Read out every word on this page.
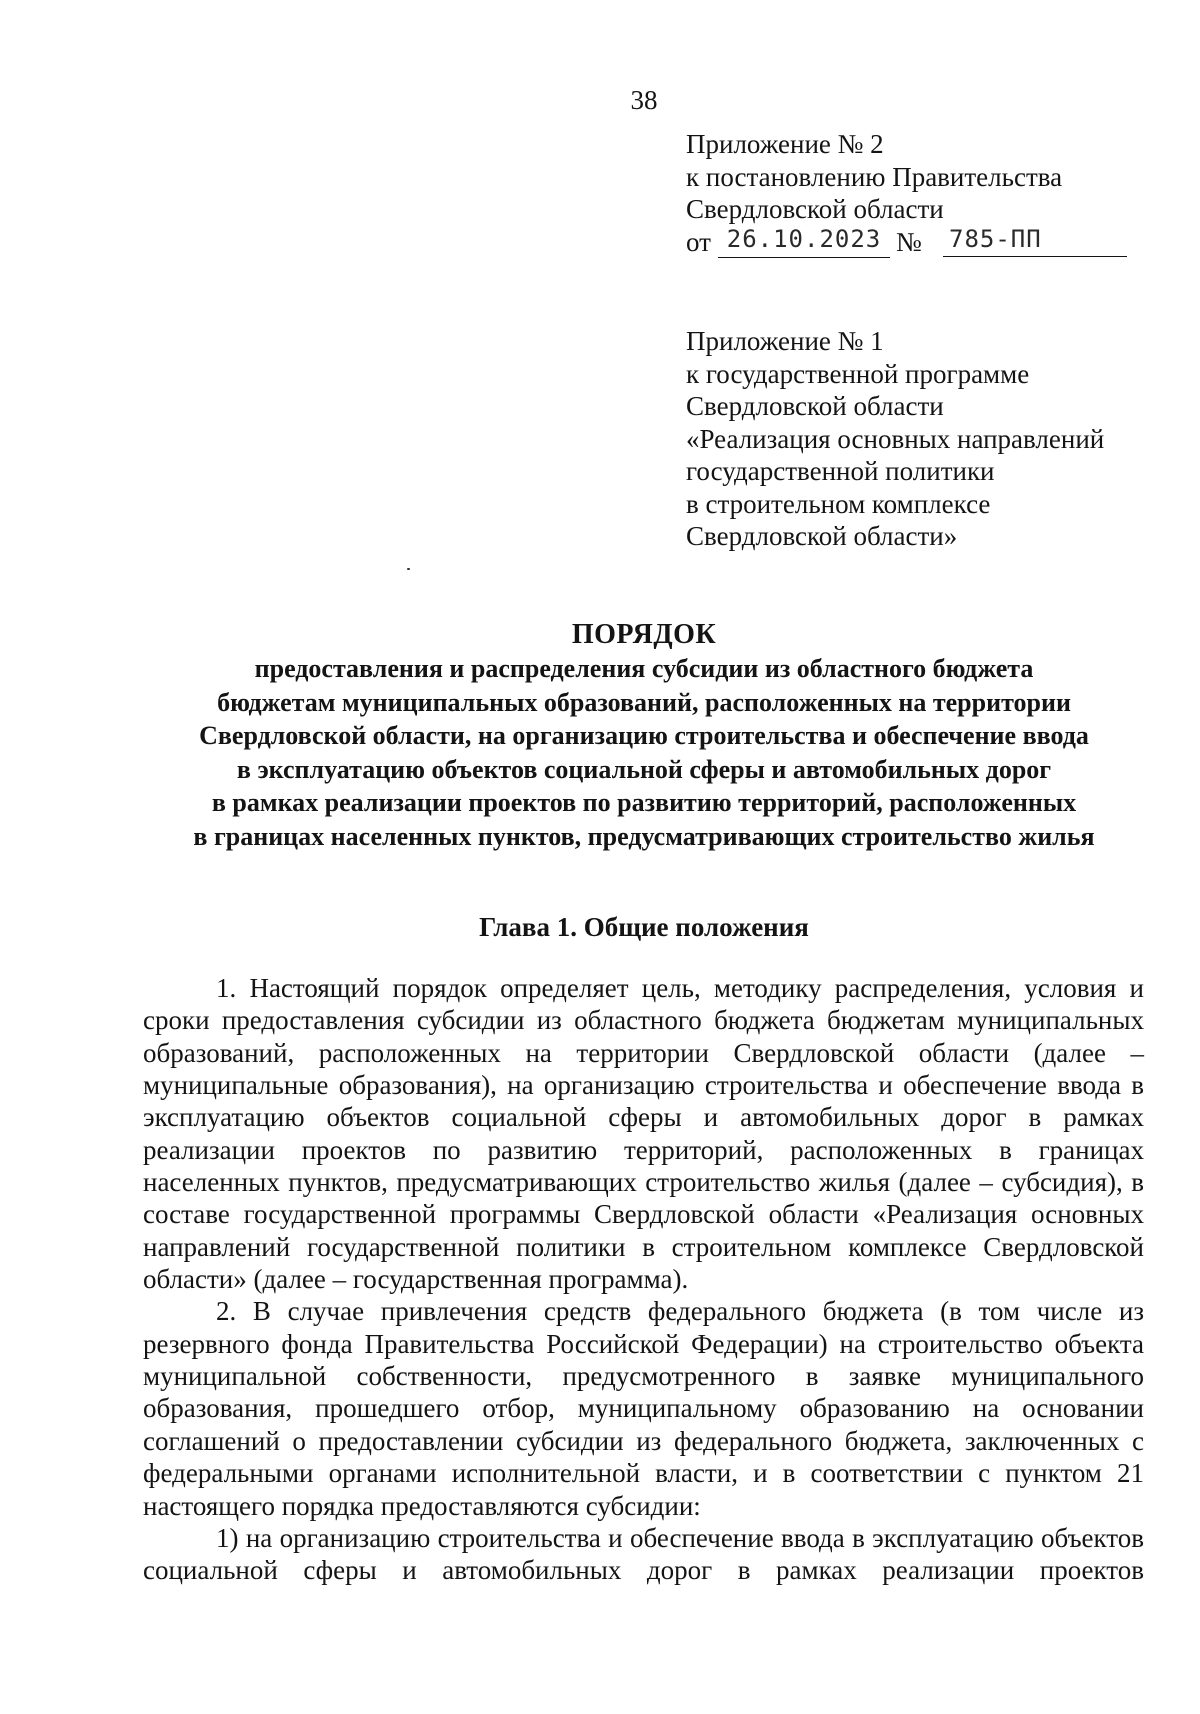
38
Приложение № 2
к постановлению Правительства
Свердловской области
от 26.10.2023 № 785-ПП
Приложение № 1
к государственной программе
Свердловской области
«Реализация основных направлений
государственной политики
в строительном комплексе
Свердловской области»
ПОРЯДОК
предоставления и распределения субсидии из областного бюджета
бюджетам муниципальных образований, расположенных на территории
Свердловской области, на организацию строительства и обеспечение ввода
в эксплуатацию объектов социальной сферы и автомобильных дорог
в рамках реализации проектов по развитию территорий, расположенных
в границах населенных пунктов, предусматривающих строительство жилья
Глава 1. Общие положения

1. Настоящий порядок определяет цель, методику распределения, условия и сроки предоставления субсидии из областного бюджета бюджетам муниципальных образований, расположенных на территории Свердловской области (далее – муниципальные образования), на организацию строительства и обеспечение ввода в эксплуатацию объектов социальной сферы и автомобильных дорог в рамках реализации проектов по развитию территорий, расположенных в границах населенных пунктов, предусматривающих строительство жилья (далее – субсидия), в составе государственной программы Свердловской области «Реализация основных направлений государственной политики в строительном комплексе Свердловской области» (далее – государственная программа).

2. В случае привлечения средств федерального бюджета (в том числе из резервного фонда Правительства Российской Федерации) на строительство объекта муниципальной собственности, предусмотренного в заявке муниципального образования, прошедшего отбор, муниципальному образованию на основании соглашений о предоставлении субсидии из федерального бюджета, заключенных с федеральными органами исполнительной власти, и в соответствии с пунктом 21 настоящего порядка предоставляются субсидии:

1) на организацию строительства и обеспечение ввода в эксплуатацию объектов социальной сферы и автомобильных дорог в рамках реализации проектов
